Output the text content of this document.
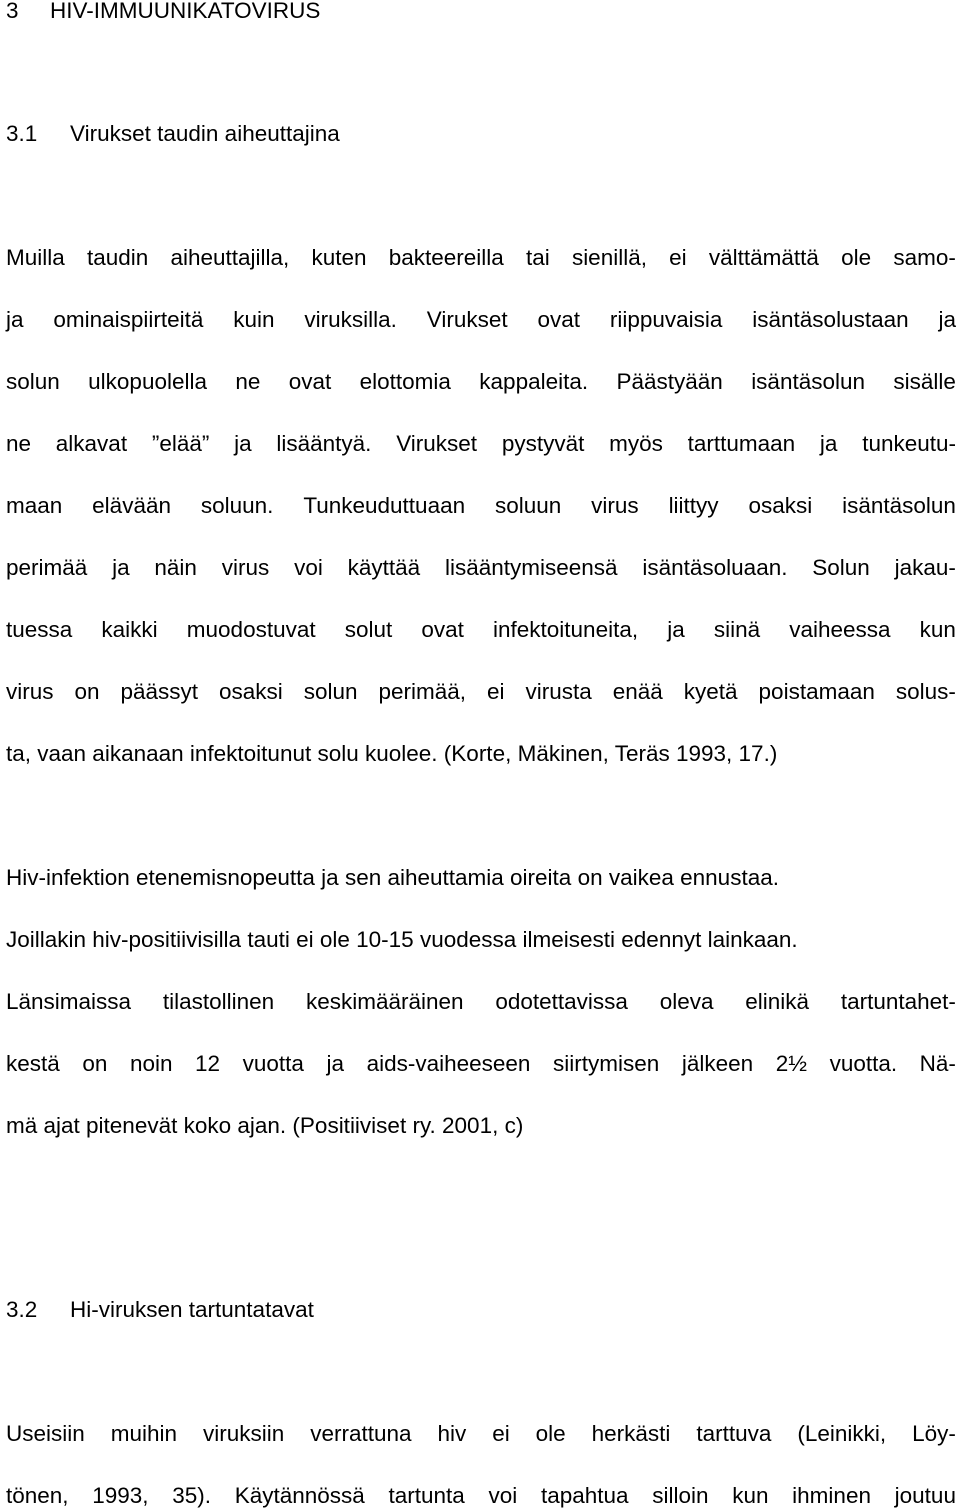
3 HIV-IMMUUNIKATOVIRUS
3.1 Virukset taudin aiheuttajina
Muilla taudin aiheuttajilla, kuten bakteereilla tai sienillä, ei välttämättä ole samo-
ja ominaispiirteitä kuin viruksilla. Virukset ovat riippuvaisia isäntäsolustaan ja
solun ulkopuolella ne ovat elottomia kappaleita. Päästyään isäntäsolun sisälle
ne alkavat ”elää” ja lisääntyä. Virukset pystyvät myös tarttumaan ja tunkeutu-
maan elävään soluun. Tunkeuduttuaan soluun virus liittyy osaksi isäntäsolun
perimää ja näin virus voi käyttää lisääntymiseensä isäntäsoluaan. Solun jakau-
tuessa kaikki muodostuvat solut ovat infektoituneita, ja siinä vaiheessa kun
virus on päässyt osaksi solun perimää, ei virusta enää kyetä poistamaan solus-
ta, vaan aikanaan infektoitunut solu kuolee. (Korte, Mäkinen, Teräs 1993, 17.)
Hiv-infektion etenemisnopeutta ja sen aiheuttamia oireita on vaikea ennustaa.
Joillakin hiv-positiivisilla tauti ei ole 10-15 vuodessa ilmeisesti edennyt lainkaan.
Länsimaissa tilastollinen keskimääräinen odotettavissa oleva elinikä tartuntahet-
kestä on noin 12 vuotta ja aids-vaiheeseen siirtymisen jälkeen 2½ vuotta. Nä-
mä ajat pitenevät koko ajan. (Positiiviset ry. 2001, c)
3.2 Hi-viruksen tartuntatavat
Useisiin muihin viruksiin verrattuna hiv ei ole herkästi tarttuva (Leinikki, Löy-
tönen, 1993, 35). Käytännössä tartunta voi tapahtua silloin kun ihminen joutuu
